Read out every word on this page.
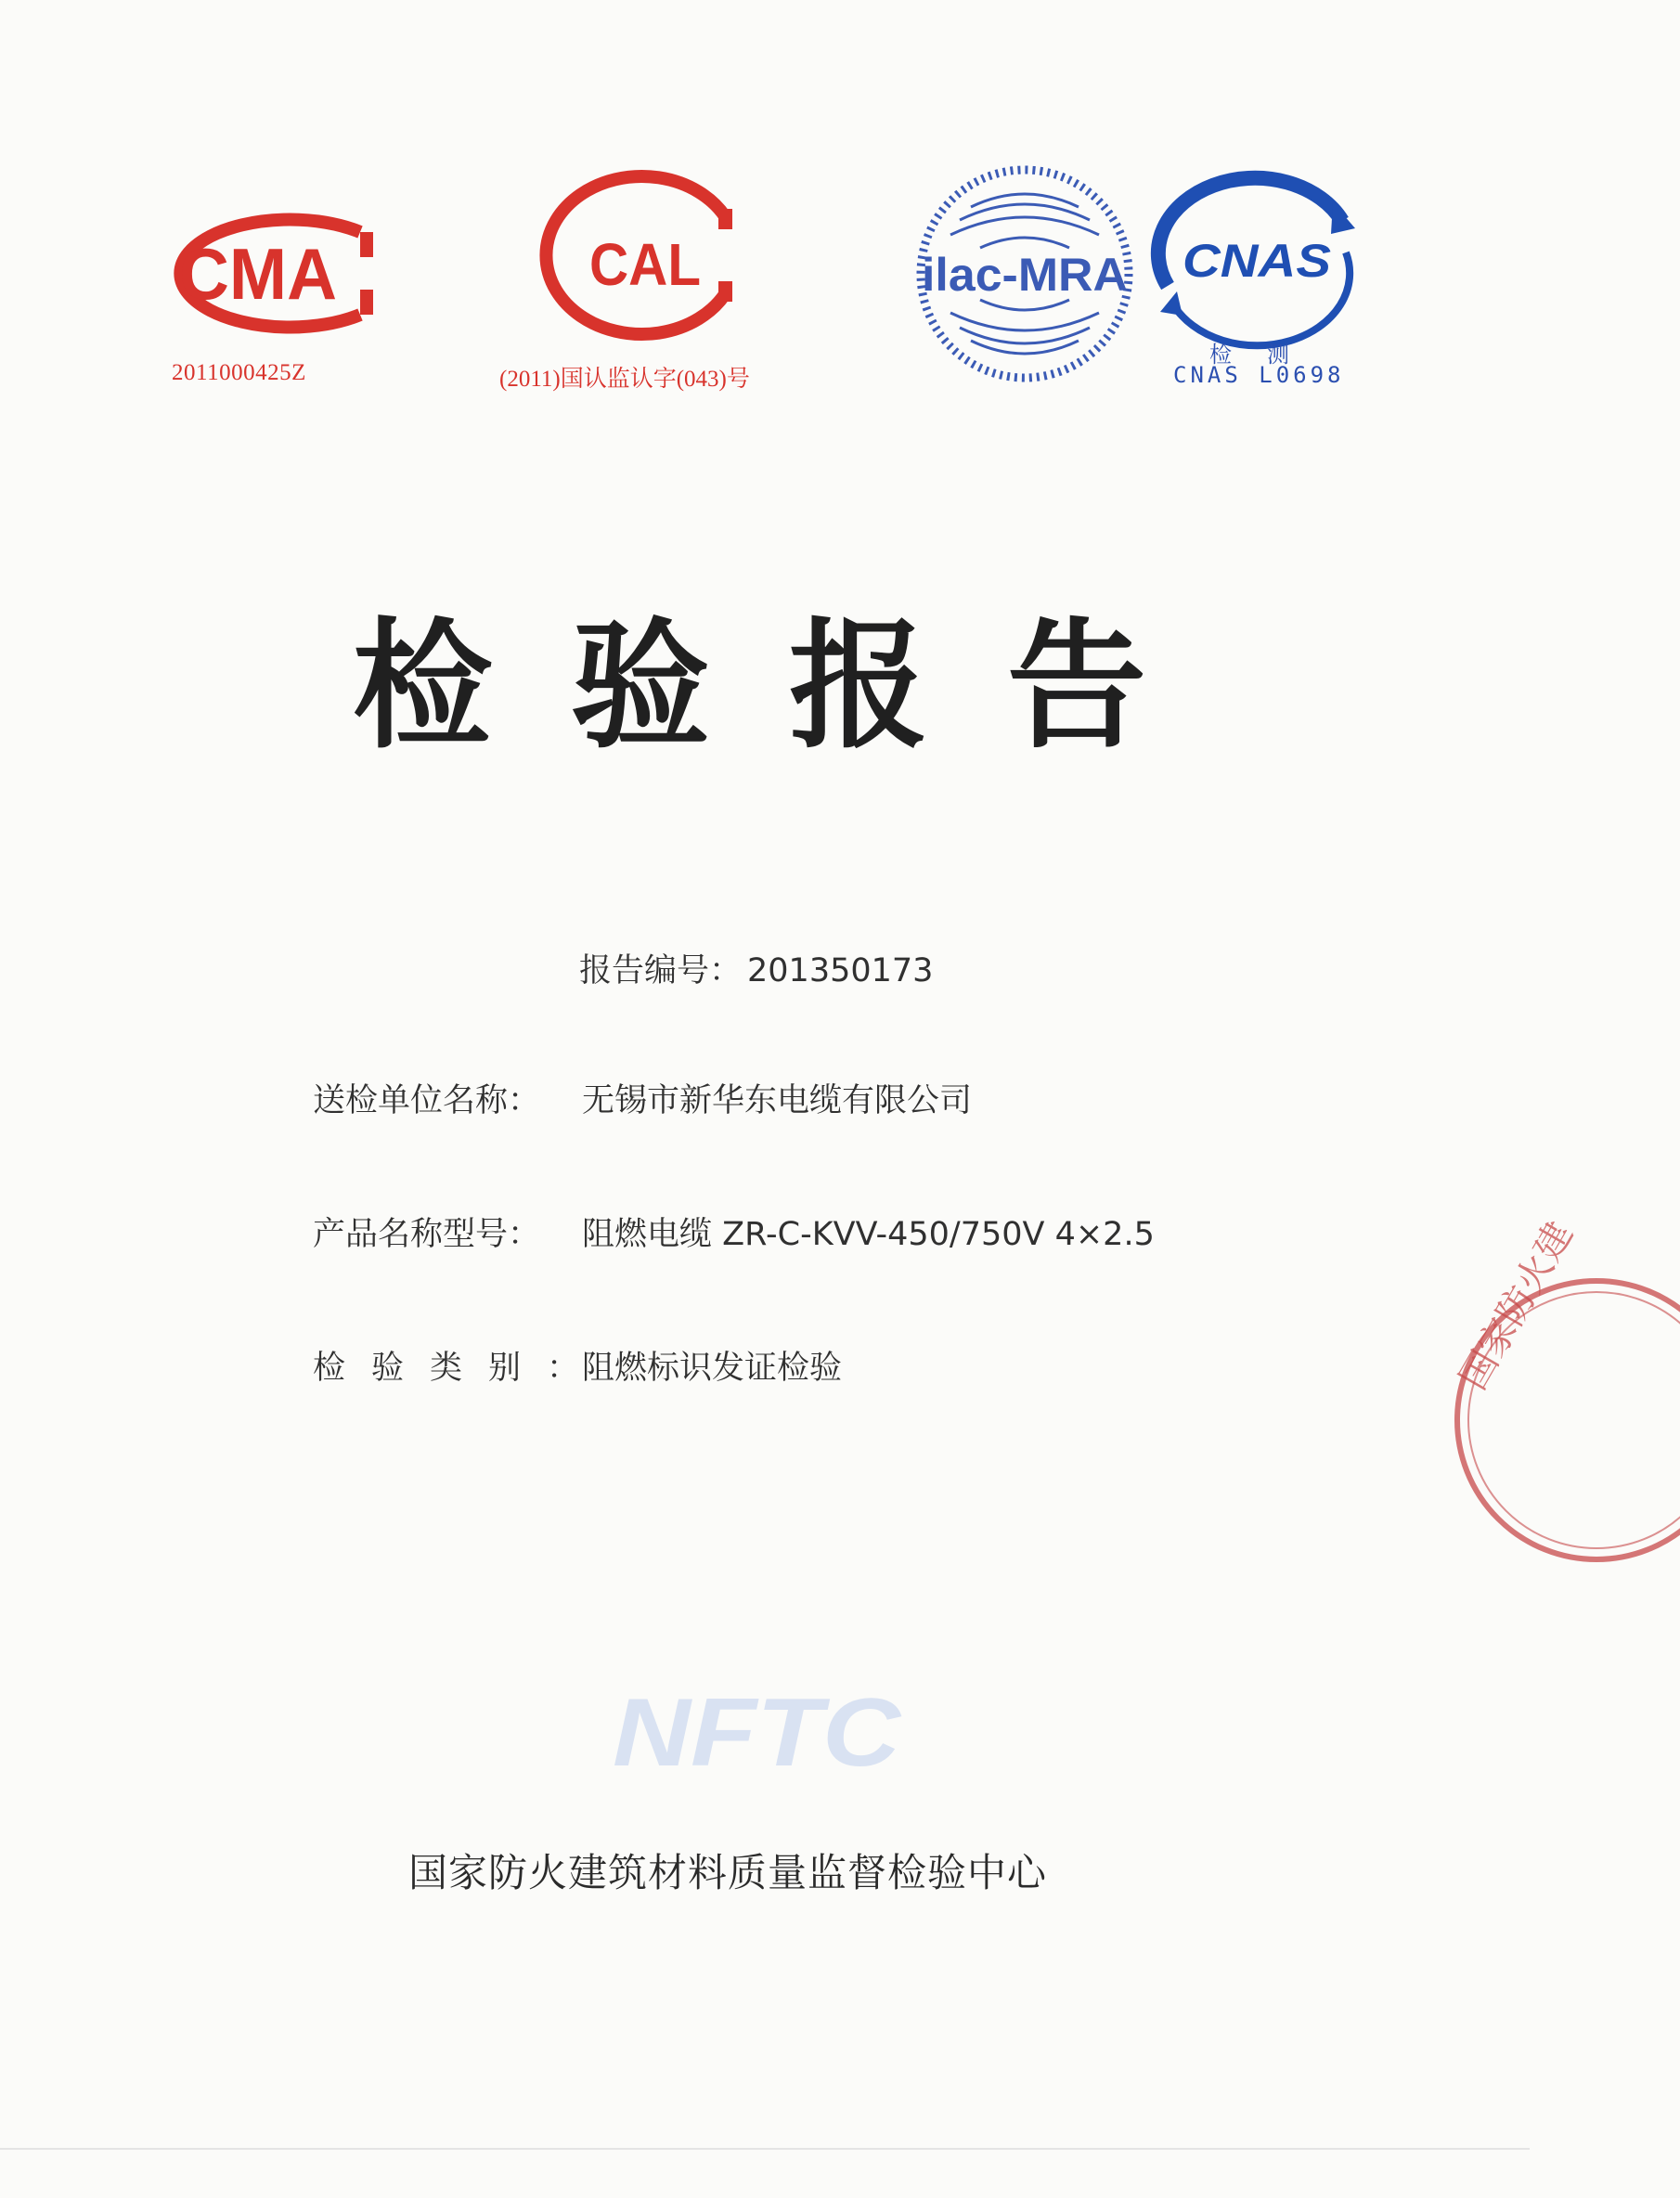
CMA
2011000425Z
CAL
(2011)国认监认字(043)号
ilac-MRA CNAS
检测
CNAS L0698
检验报告
报告编号： 201350173
送检单位名称： 无锡市新华东电缆有限公司
产品名称型号： 阻燃电缆 ZR-C-KVV-450/750V 4×2.5
检验类别：阻燃标识发证检验
NFTC
国家防火建筑材料质量监督检验中心
国家防火建
